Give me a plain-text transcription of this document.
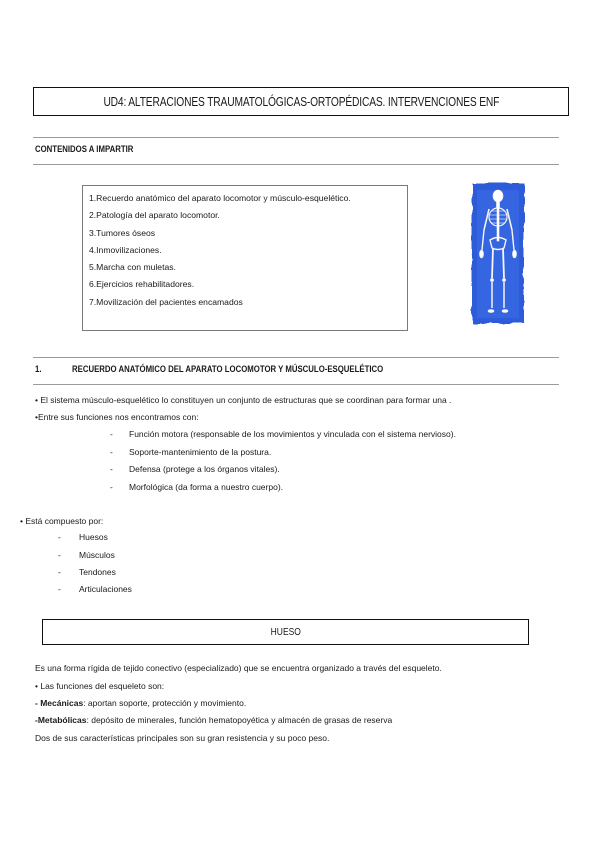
UD4: ALTERACIONES TRAUMATOLÓGICAS-ORTOPÉDICAS. INTERVENCIONES ENF
CONTENIDOS A IMPARTIR
1.Recuerdo anatómico del aparato locomotor y músculo-esquelético.
2.Patología del aparato locomotor.
3.Tumores óseos
4.Inmovilizaciones.
5.Marcha con muletas.
6.Ejercicios rehabilitadores.
7.Movilización del pacientes encamados
1.	RECUERDO ANATÓMICO DEL APARATO LOCOMOTOR Y MÚSCULO-ESQUELÉTICO
• El sistema músculo-esquelético lo constituyen un conjunto de estructuras que se coordinan para formar una .
•Entre sus funciones nos encontramos con:
- Función motora (responsable de los movimientos y vinculada con el sistema nervioso).
- Soporte-mantenimiento de la postura.
- Defensa (protege a los órganos vitales).
- Morfológica (da forma a nuestro cuerpo).
• Está compuesto por:
- Huesos
- Músculos
- Tendones
- Articulaciones
HUESO
Es una forma rígida de tejido conectivo (especializado) que se encuentra organizado a través del esqueleto.
• Las funciones del esqueleto son:
- Mecánicas: aportan soporte, protección y movimiento.
-Metabólicas: depósito de minerales, función hematopoyética y almacén de grasas de reserva
Dos de sus características principales son su gran resistencia y su poco peso.
